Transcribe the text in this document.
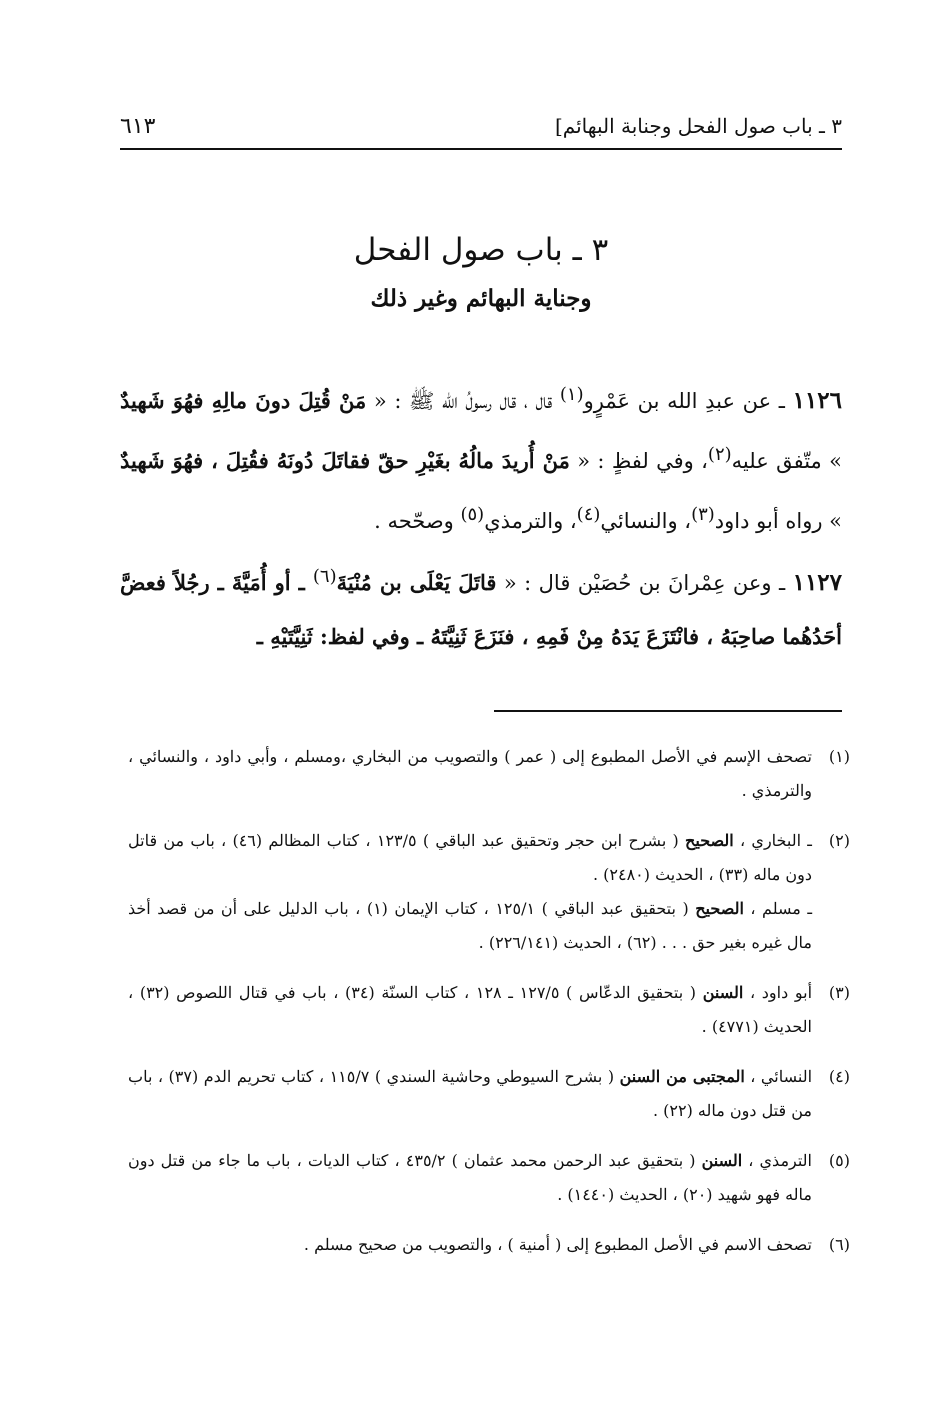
٣ ـ باب صول الفحل وجنابة البهائم]
٦١٣
٣ ـ باب صول الفحل
وجناية البهائم وغير ذلك
١١٢٦ ـ عن عبدِ الله بن عَمْرٍو$^{(١)}$ قال ، قال رسولُ الله ﷺ : « مَنْ قُتِلَ دونَ مالِهِ فهُوَ شَهيدٌ » متّفق عليه$^{(٢)}$، وفي لفظٍ : « مَنْ أُريدَ مالُهُ بغَيْرِ حقّ فقاتَلَ دُونَهُ فقُتِلَ ، فهُوَ شَهيدٌ » رواه أبو داود$^{(٣)}$، والنسائي$^{(٤)}$، والترمذي$^{(٥)}$ وصحّحه .
١١٢٧ ـ وعن عِمْرانَ بن حُصَيْن قال : « قاتَلَ يَعْلَى بن مُنْيَةَ$^{(٦)}$ ـ أو أُمَيَّةَ ـ رجُلاً فعضَّ أحَدُهُما صاحِبَهُ ، فانْتَزَعَ يَدَهُ مِنْ فَمِهِ ، فنَزَعَ ثَنِيَّتَهُ ـ وفي لفظ: ثَنِيَّتَيْهِ ـ
(١)
تصحف الإسم في الأصل المطبوع إلى ( عمر ) والتصويب من البخاري ،ومسلم ، وأبي داود ، والنسائي ، والترمذي .
(٢)
ـ البخاري ، الصحيح ( بشرح ابن حجر وتحقيق عبد الباقي ) ١٢٣/٥ ، كتاب المظالم (٤٦) ، باب من قاتل دون ماله (٣٣) ، الحديث (٢٤٨٠) .
ـ مسلم ، الصحيح ( بتحقيق عبد الباقي ) ١٢٥/١ ، كتاب الإيمان (١) ، باب الدليل على أن من قصد أخذ مال غيره بغير حق . . . (٦٢) ، الحديث (٢٢٦/١٤١) .
(٣)
أبو داود ، السنن ( بتحقيق الدعّاس ) ١٢٧/٥ ـ ١٢٨ ، كتاب السنّة (٣٤) ، باب في قتال اللصوص (٣٢) ، الحديث (٤٧٧١) .
(٤)
النسائي ، المجتبى من السنن ( بشرح السيوطي وحاشية السندي ) ١١٥/٧ ، كتاب تحريم الدم (٣٧) ، باب من قتل دون ماله (٢٢) .
(٥)
الترمذي ، السنن ( بتحقيق عبد الرحمن محمد عثمان ) ٤٣٥/٢ ، كتاب الديات ، باب ما جاء من قتل دون ماله فهو شهيد (٢٠) ، الحديث (١٤٤٠) .
(٦)
تصحف الاسم في الأصل المطبوع إلى ( أمنية ) ، والتصويب من صحيح مسلم .
